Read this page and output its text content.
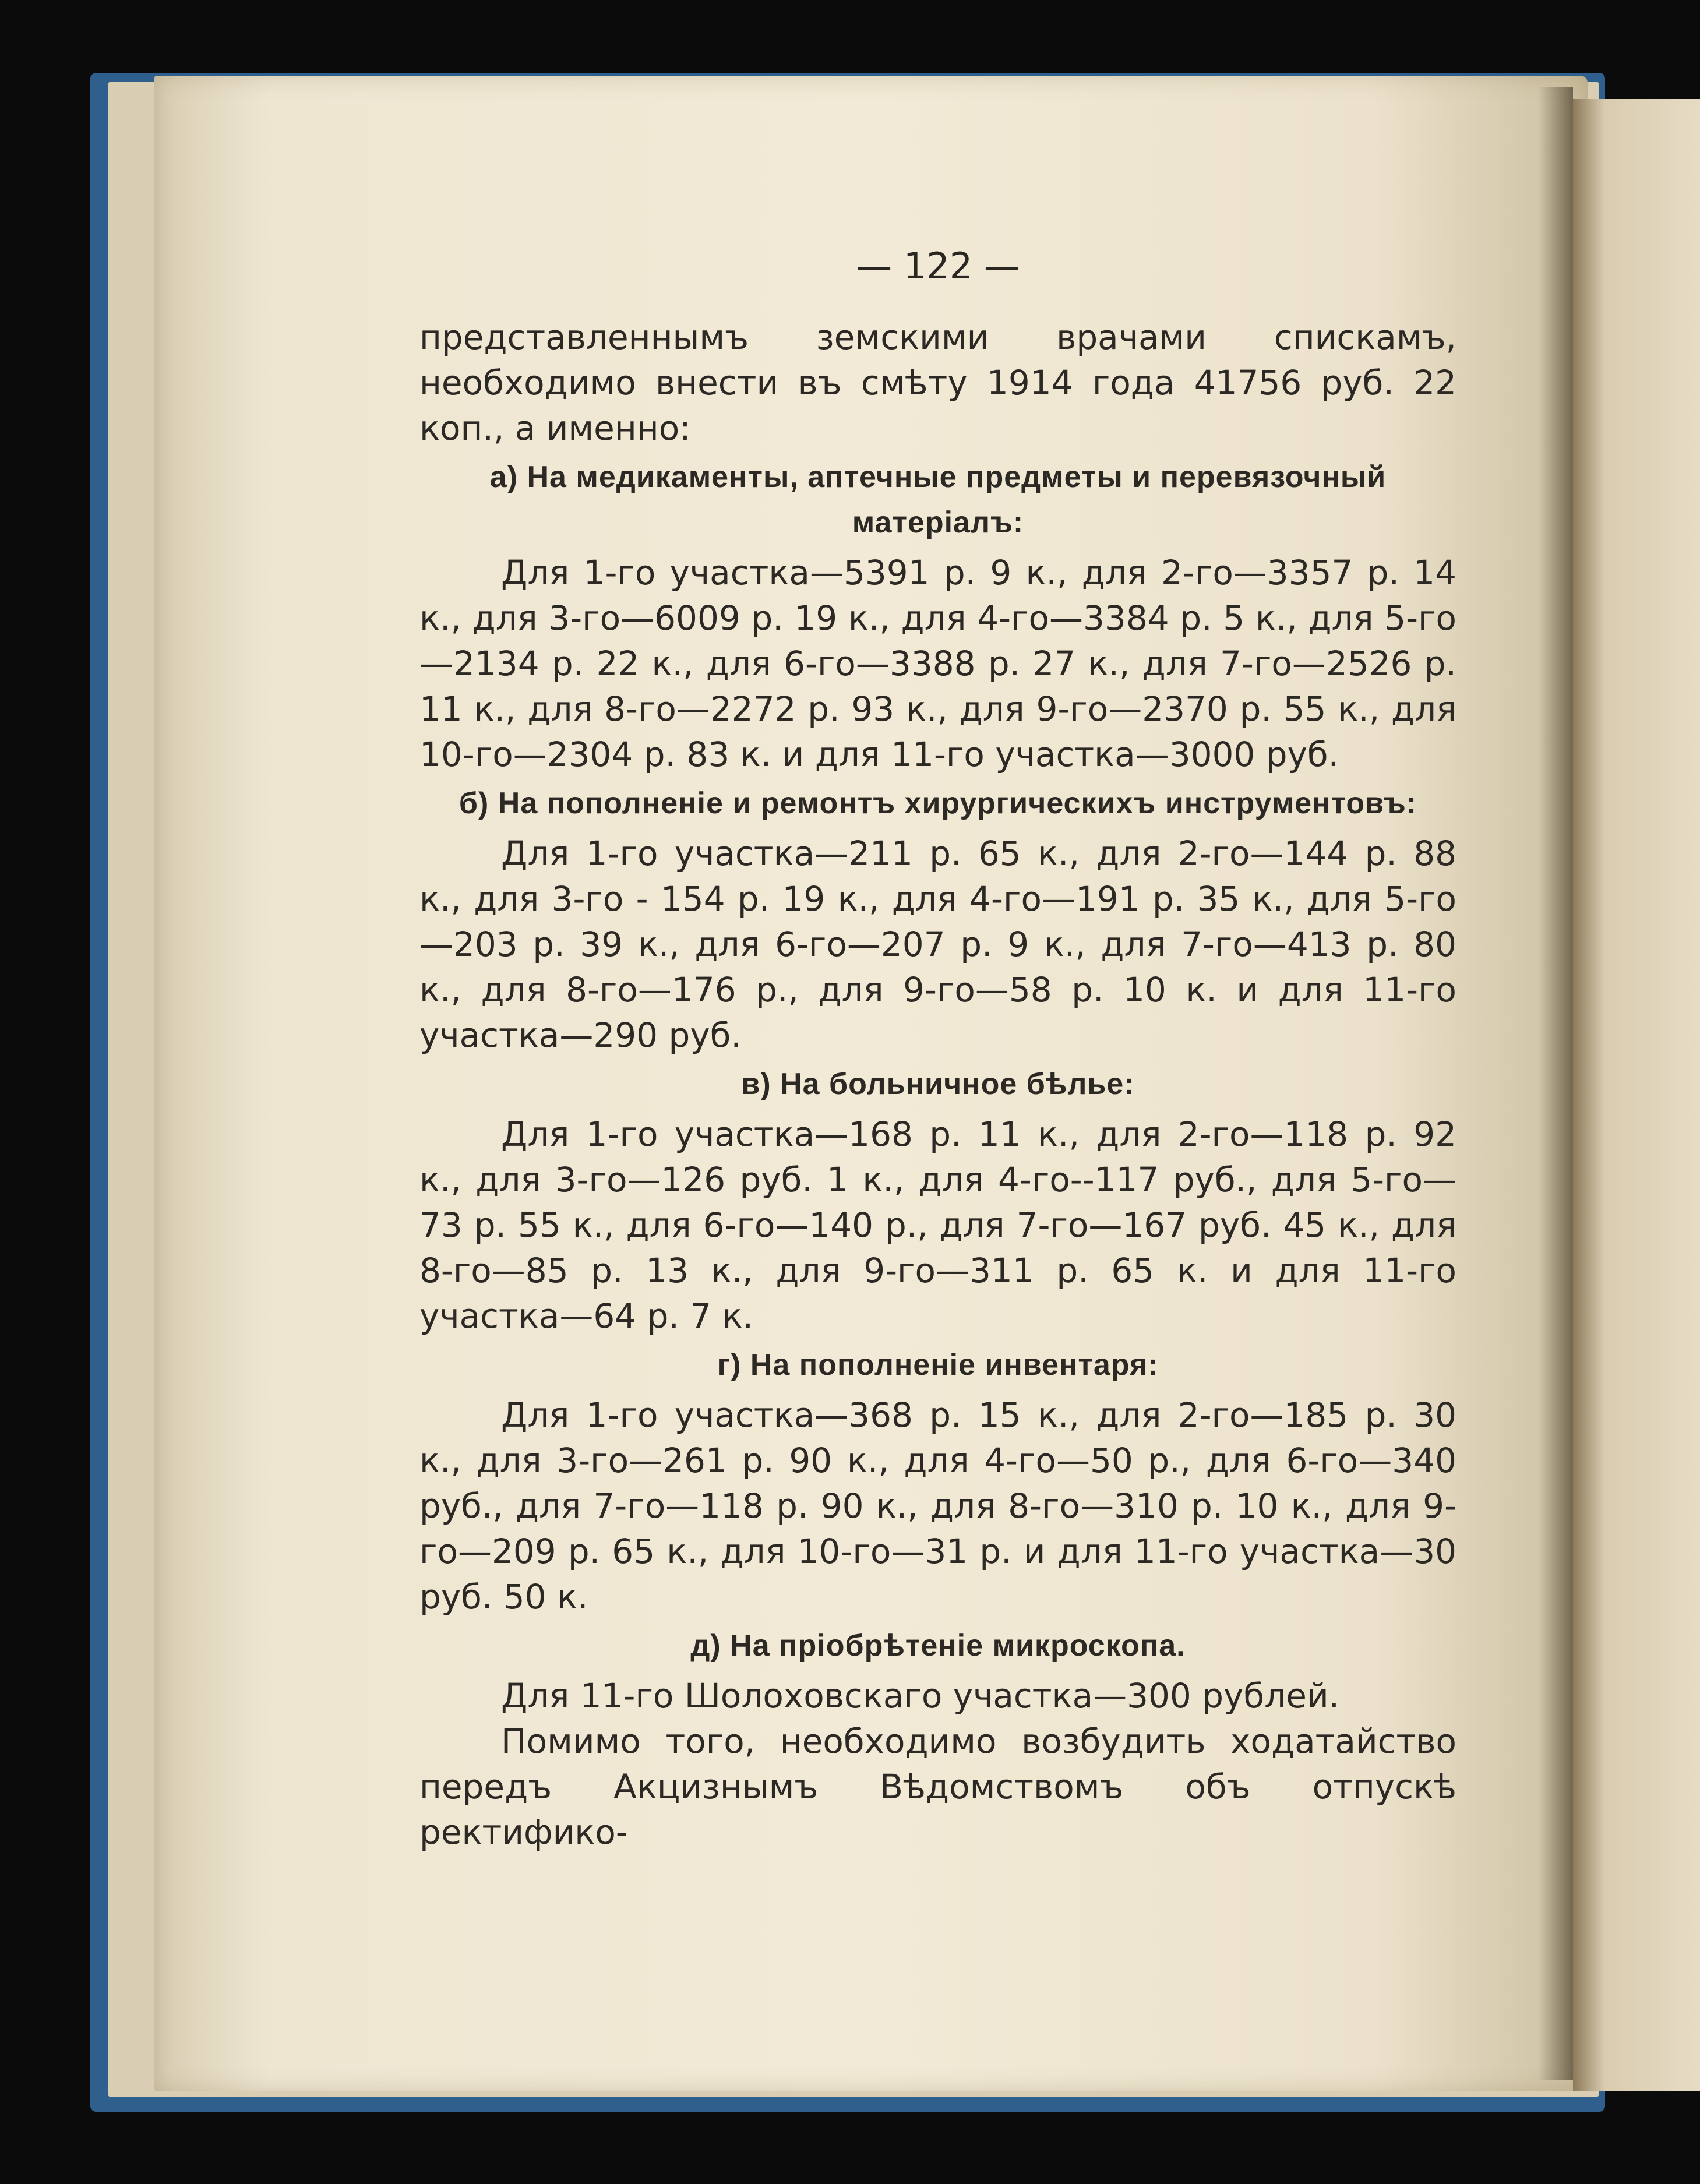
— 122 —

представленнымъ земскими врачами спискамъ, необходимо внести въ смѣту 1914 года 41756 руб. 22 коп., а именно:

а) На медикаменты, аптечные предметы и перевязочный матеріалъ:

Для 1-го участка—5391 р. 9 к., для 2-го—3357 р. 14 к., для 3-го—6009 р. 19 к., для 4-го—3384 р. 5 к., для 5-го—2134 р. 22 к., для 6-го—3388 р. 27 к., для 7-го—2526 р. 11 к., для 8-го—2272 р. 93 к., для 9-го—2370 р. 55 к., для 10-го—2304 р. 83 к. и для 11-го участка—3000 руб.

б) На пополненіе и ремонтъ хирургическихъ инструментовъ:

Для 1-го участка—211 р. 65 к., для 2-го—144 р. 88 к., для 3-го - 154 р. 19 к., для 4-го—191 р. 35 к., для 5-го—203 р. 39 к., для 6-го—207 р. 9 к., для 7-го—413 р. 80 к., для 8-го—176 р., для 9-го—58 р. 10 к. и для 11-го участка—290 руб.

в) На больничное бѣлье:

Для 1-го участка—168 р. 11 к., для 2-го—118 р. 92 к., для 3-го—126 руб. 1 к., для 4-го--117 руб., для 5-го—73 р. 55 к., для 6-го—140 р., для 7-го—167 руб. 45 к., для 8-го—85 р. 13 к., для 9-го—311 р. 65 к. и для 11-го участка—64 р. 7 к.

г) На пополненіе инвентаря:

Для 1-го участка—368 р. 15 к., для 2-го—185 р. 30 к., для 3-го—261 р. 90 к., для 4-го—50 р., для 6-го—340 руб., для 7-го—118 р. 90 к., для 8-го—310 р. 10 к., для 9-го—209 р. 65 к., для 10-го—31 р. и для 11-го участка—30 руб. 50 к.

д) На пріобрѣтеніе микроскопа.

Для 11-го Шолоховскаго участка—300 рублей.

Помимо того, необходимо возбудить ходатайство передъ Акцизнымъ Вѣдомствомъ объ отпускѣ ректифико-
